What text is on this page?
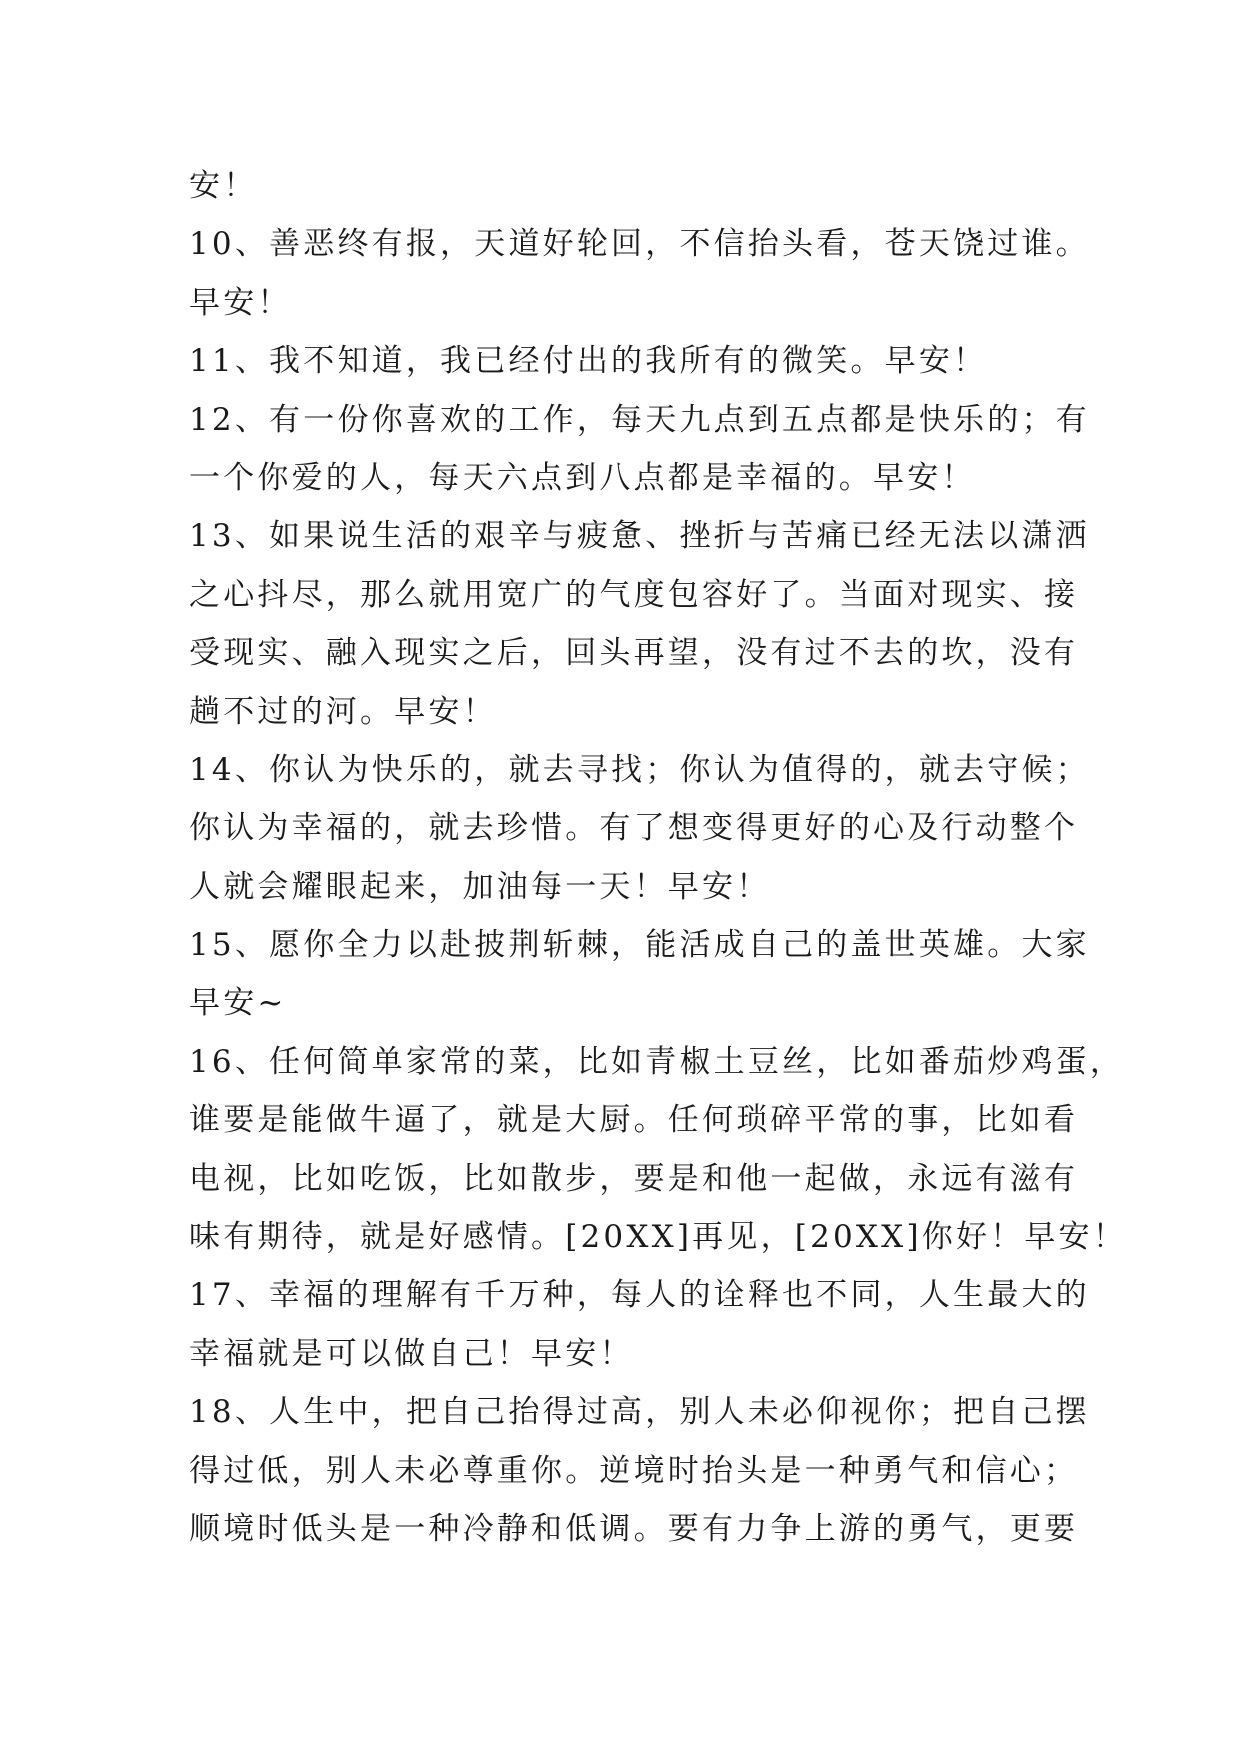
安！
10、善恶终有报，天道好轮回，不信抬头看，苍天饶过谁。
早安！
11、我不知道，我已经付出的我所有的微笑。早安！
12、有一份你喜欢的工作，每天九点到五点都是快乐的；有
一个你爱的人，每天六点到八点都是幸福的。早安！
13、如果说生活的艰辛与疲惫、挫折与苦痛已经无法以潇洒
之心抖尽，那么就用宽广的气度包容好了。当面对现实、接
受现实、融入现实之后，回头再望，没有过不去的坎，没有
趟不过的河。早安！
14、你认为快乐的，就去寻找；你认为值得的，就去守候；
你认为幸福的，就去珍惜。有了想变得更好的心及行动整个
人就会耀眼起来，加油每一天！早安！
15、愿你全力以赴披荆斩棘，能活成自己的盖世英雄。大家
早安~
16、任何简单家常的菜，比如青椒土豆丝，比如番茄炒鸡蛋，
谁要是能做牛逼了，就是大厨。任何琐碎平常的事，比如看
电视，比如吃饭，比如散步，要是和他一起做，永远有滋有
味有期待，就是好感情。[20XX]再见，[20XX]你好！早安！
17、幸福的理解有千万种，每人的诠释也不同，人生最大的
幸福就是可以做自己！早安！
18、人生中，把自己抬得过高，别人未必仰视你；把自己摆
得过低，别人未必尊重你。逆境时抬头是一种勇气和信心；
顺境时低头是一种冷静和低调。要有力争上游的勇气，更要
